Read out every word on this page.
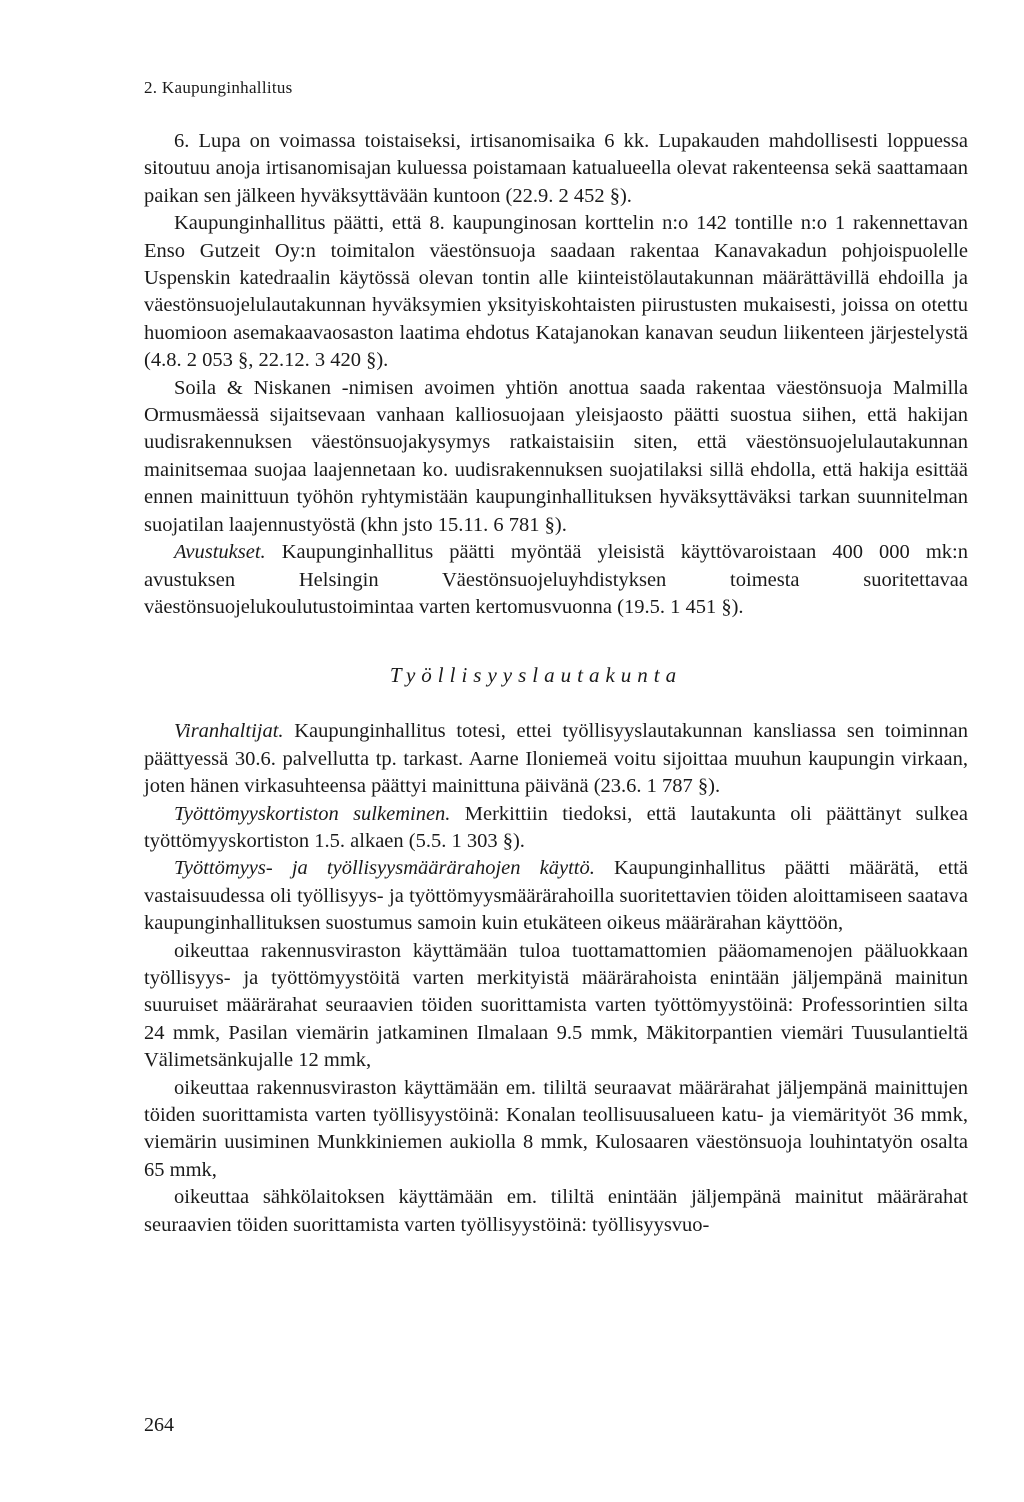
2. Kaupunginhallitus

6. Lupa on voimassa toistaiseksi, irtisanomisaika 6 kk. Lupakauden mahdollisesti loppuessa sitoutuu anoja irtisanomisajan kuluessa poistamaan katualueella olevat rakenteensa sekä saattamaan paikan sen jälkeen hyväksyttävään kuntoon (22.9. 2 452 §).

Kaupunginhallitus päätti, että 8. kaupunginosan korttelin n:o 142 tontille n:o 1 rakennettavan Enso Gutzeit Oy:n toimitalon väestönsuoja saadaan rakentaa Kanavakadun pohjoispuolelle Uspenskin katedraalin käytössä olevan tontin alle kiinteistölautakunnan määrättävillä ehdoilla ja väestönsuojelulautakunnan hyväksymien yksityiskohtaisten piirustusten mukaisesti, joissa on otettu huomioon asemakaavaosaston laatima ehdotus Katajanokan kanavan seudun liikenteen järjestelystä (4.8. 2 053 §, 22.12. 3 420 §).

Soila & Niskanen -nimisen avoimen yhtiön anottua saada rakentaa väestönsuoja Malmilla Ormusmäessä sijaitsevaan vanhaan kalliosuojaan yleisjaosto päätti suostua siihen, että hakijan uudisrakennuksen väestönsuojakysymys ratkaistaisiin siten, että väestönsuojelulautakunnan mainitsemaa suojaa laajennetaan ko. uudisrakennuksen suojatilaksi sillä ehdolla, että hakija esittää ennen mainittuun työhön ryhtymistään kaupunginhallituksen hyväksyttäväksi tarkan suunnitelman suojatilan laajennustyöstä (khn jsto 15.11. 6 781 §).

Avustukset. Kaupunginhallitus päätti myöntää yleisistä käyttövaroistaan 400 000 mk:n avustuksen Helsingin Väestönsuojeluyhdistyksen toimesta suoritettavaa väestönsuojelukoulutustoimintaa varten kertomusvuonna (19.5. 1 451 §).

Työllisyyslautakunta

Viranhaltijat. Kaupunginhallitus totesi, ettei työllisyyslautakunnan kansliassa sen toiminnan päättyessä 30.6. palvellutta tp. tarkast. Aarne Iloniemeä voitu sijoittaa muuhun kaupungin virkaan, joten hänen virkasuhteensa päättyi mainittuna päivänä (23.6. 1 787 §).

Työttömyyskortiston sulkeminen. Merkittiin tiedoksi, että lautakunta oli päättänyt sulkea työttömyyskortiston 1.5. alkaen (5.5. 1 303 §).

Työttömyys- ja työllisyysmäärärahojen käyttö. Kaupunginhallitus päätti määrätä, että vastaisuudessa oli työllisyys- ja työttömyysmäärärahoilla suoritettavien töiden aloittamiseen saatava kaupunginhallituksen suostumus samoin kuin etukäteen oikeus määrärahan käyttöön,

oikeuttaa rakennusviraston käyttämään tuloa tuottamattomien pääomamenojen pääluokkaan työllisyys- ja työttömyystöitä varten merkityistä määrärahoista enintään jäljempänä mainitun suuruiset määrärahat seuraavien töiden suorittamista varten työttömyystöinä: Professorintien silta 24 mmk, Pasilan viemärin jatkaminen Ilmalaan 9.5 mmk, Mäkitorpantien viemäri Tuusulantieltä Välimetsänkujalle 12 mmk,

oikeuttaa rakennusviraston käyttämään em. tililtä seuraavat määrärahat jäljempänä mainittujen töiden suorittamista varten työllisyystöinä: Konalan teollisuusalueen katu- ja viemärityöt 36 mmk, viemärin uusiminen Munkkiniemen aukiolla 8 mmk, Kulosaaren väestönsuoja louhintatyön osalta 65 mmk,

oikeuttaa sähkölaitoksen käyttämään em. tililtä enintään jäljempänä mainitut määrärahat seuraavien töiden suorittamista varten työllisyystöinä: työllisyysvuo-

264
